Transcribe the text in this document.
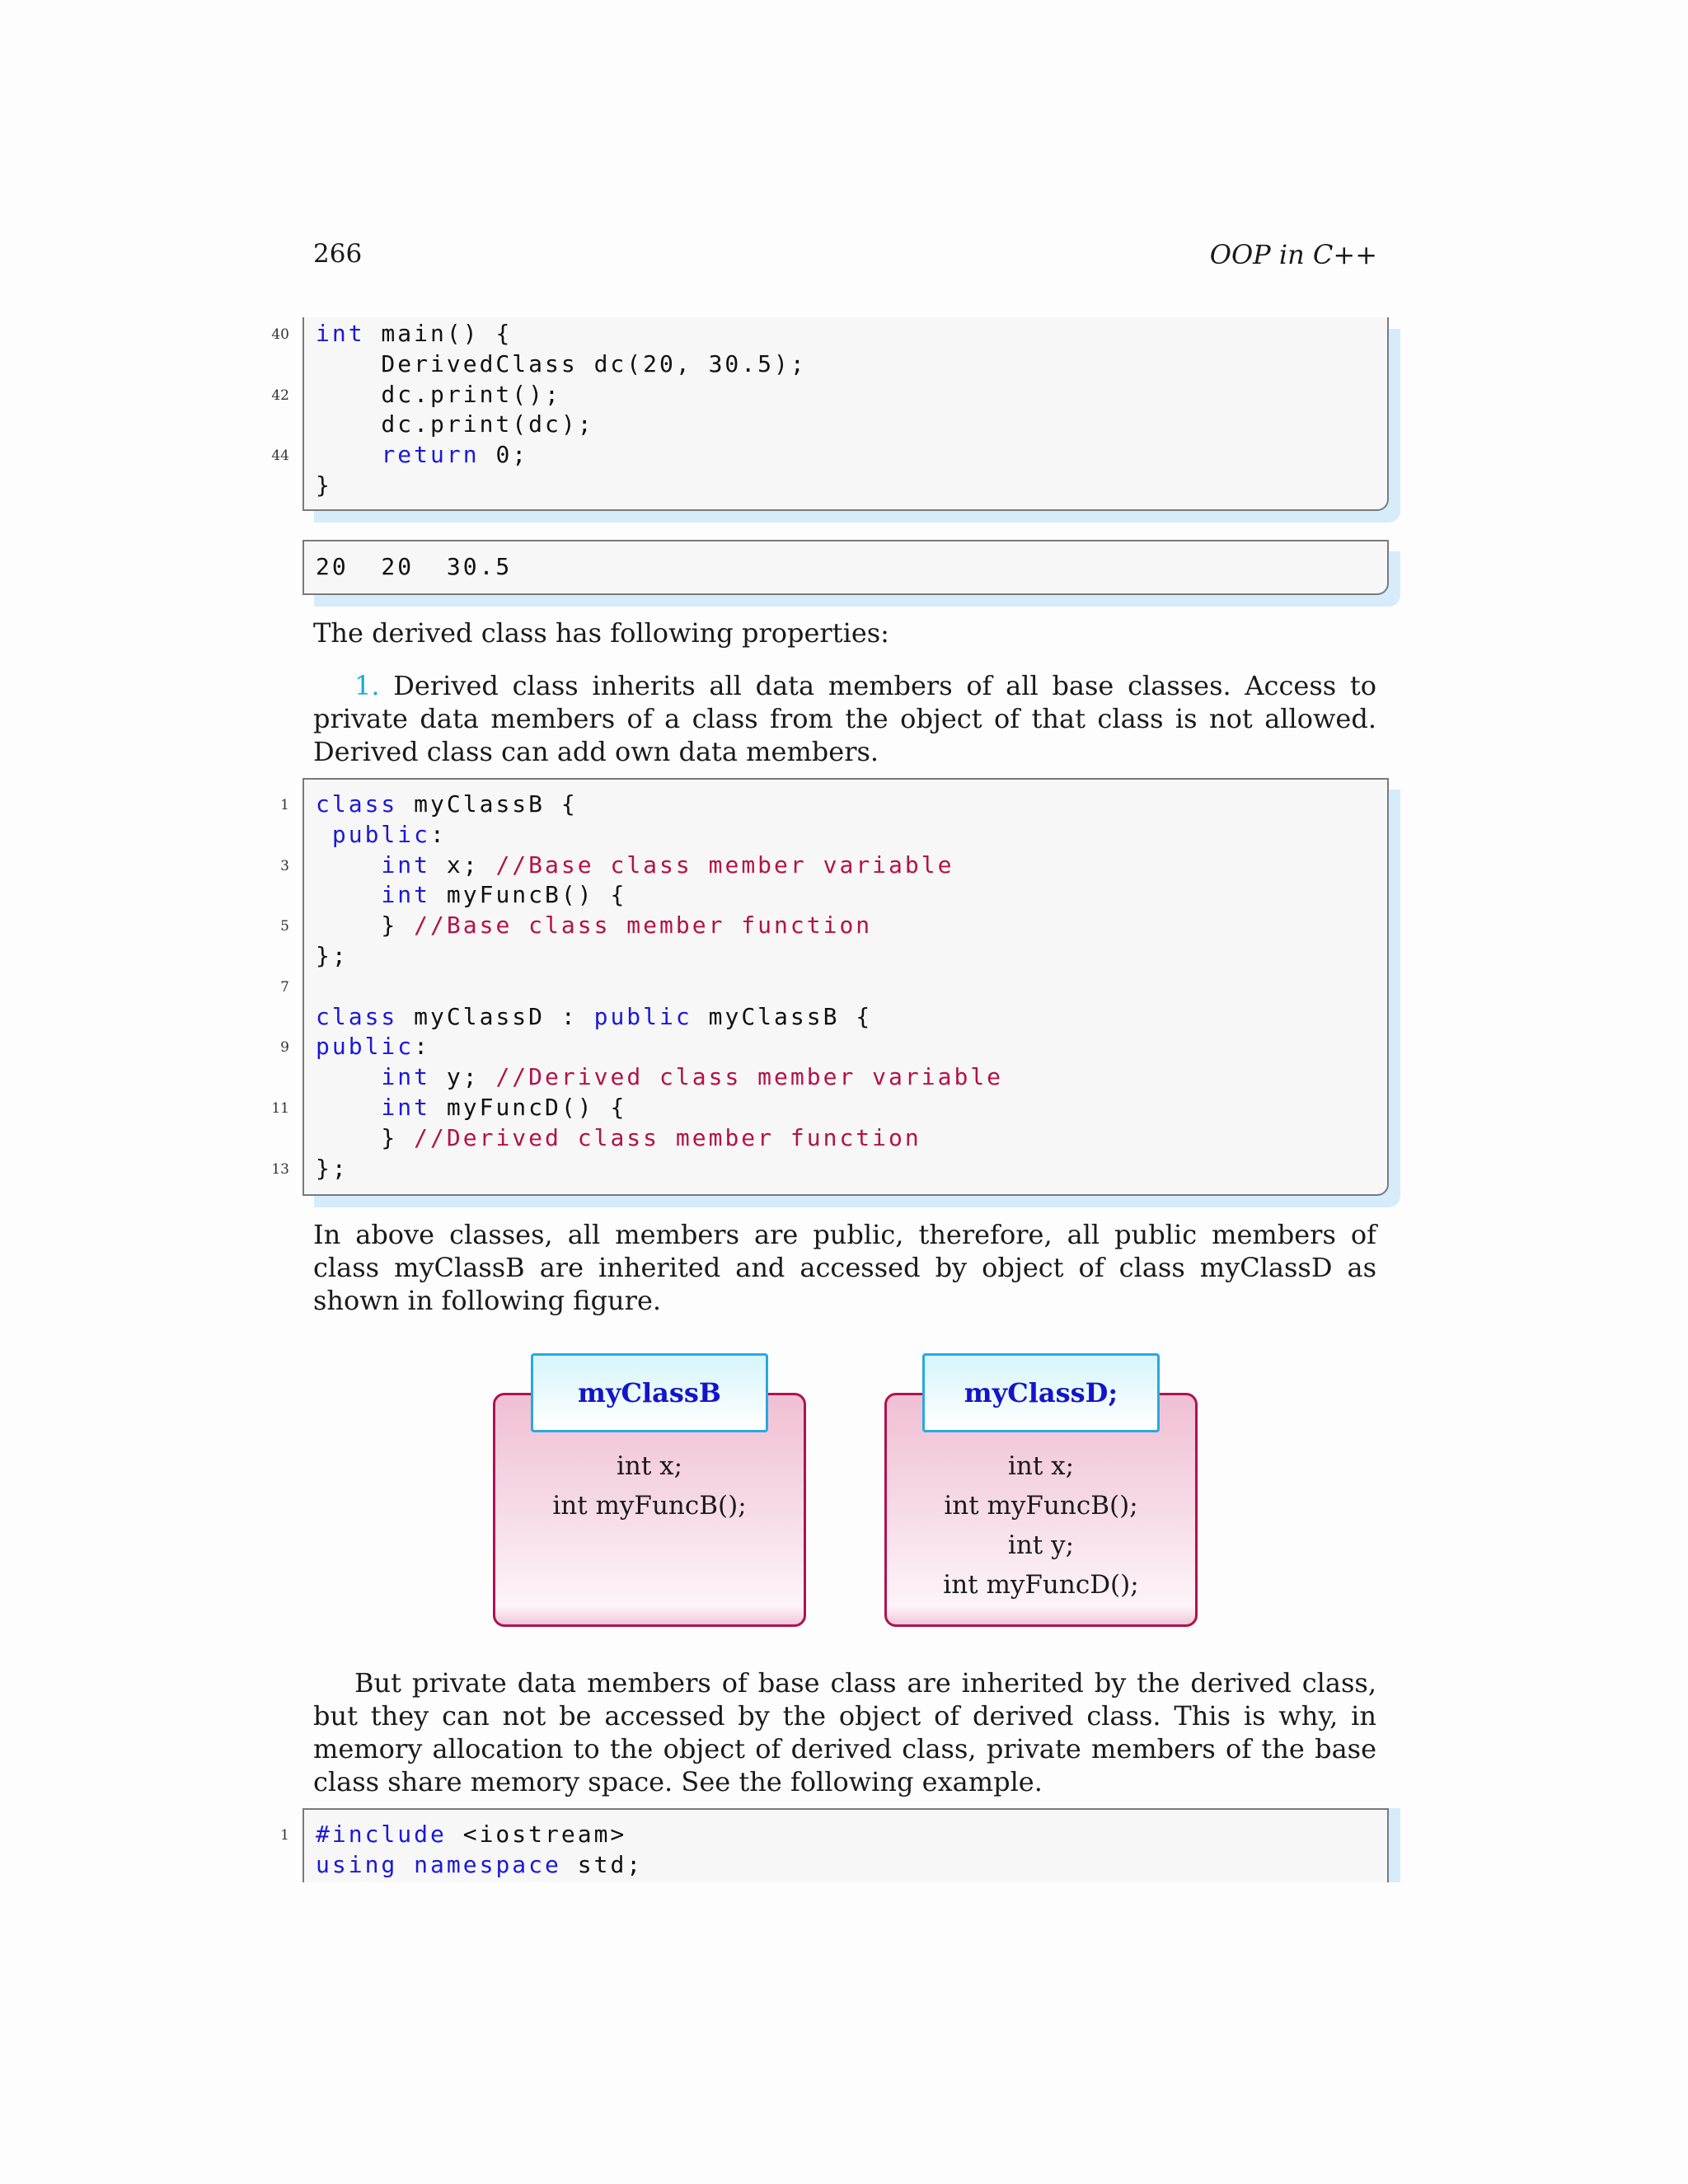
266	OOP in C++
40 int main() {
DerivedClass dc(20, 30.5);
42 dc.print();
dc.print(dc);
44	return 0;
}
20  20  30.5
The derived class has following properties:
1. Derived class inherits all data members of all base classes. Access to private data members of a class from the object of that class is not allowed. Derived class can add own data members.
1 class myClassB {
public:
3	int x; //Base class member variable
int myFuncB() {
5 } //Base class member function
};
7
class myClassD : public myClassB {
9 public:
int y; //Derived class member variable
11	int myFuncD() {
} //Derived class member function
13 };
In above classes, all members are public, therefore, all public members of class myClassB are inherited and accessed by object of class myClassD as shown in following figure.
int x;
int myFuncB();
myClassB
int x;
int myFuncB();
int y;
int myFuncD();
myClassD;
But private data members of base class are inherited by the derived class, but they can not be accessed by the object of derived class. This is why, in memory allocation to the object of derived class, private members of the base class share memory space. See the following example.
1 #include <iostream>
using namespace std;
